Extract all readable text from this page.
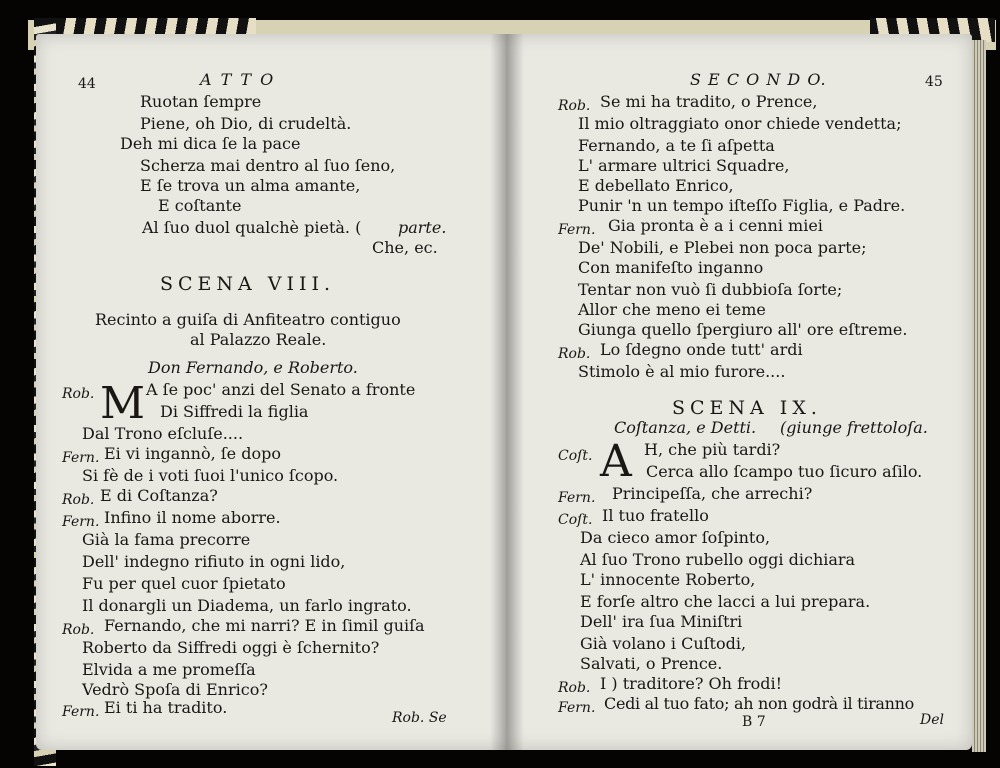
44	A T T O
Ruotan ſempre
Piene, oh Dio, di crudeltà.
Deh mi dica ſe la pace
Scherza mai dentro al ſuo ſeno,
E ſe trova un alma amante,
E coſtante
Al ſuo duol qualchè pietà. ( parte.
Che, ec.
SCENA VIII.
Recinto a guiſa di Anfiteatro contiguo
al Palazzo Reale.
Don Fernando, e Roberto.
M
Rob.	A ſe poc' anzi del Senato a fronte
Di Siffredi la figlia
Dal Trono eſcluſe....
Fern. Ei vi ingannò, ſe dopo
Si fè de i voti ſuoi l'unico ſcopo.
Rob. E di Coſtanza?
Fern. Infino il nome aborre.
Già la fama precorre
Dell' indegno rifiuto in ogni lido,
Fu per quel cuor ſpietato
Il donargli un Diadema, un farlo ingrato.
Rob. Fernando, che mi narri? E in ſimil guiſa
Roberto da Siffredi oggi è ſchernito?
Elvida a me promeſſa
Vedrò Spoſa di Enrico?
Fern. Ei ti ha tradito.
Rob. Se
S E C O N D O.	45
Rob. Se mi ha tradito, o Prence,
Il mio oltraggiato onor chiede vendetta;
Fernando, a te ſi aſpetta
L' armare ultrici Squadre,
E debellato Enrico,
Punir 'n un tempo iſteſſo Figlia, e Padre.
Fern. Gia pronta è a i cenni miei
De' Nobili, e Plebei non poca parte;
Con manifeſto inganno
Tentar non vuò ſi dubbioſa ſorte;
Allor che meno ei teme
Giunga quello ſpergiuro all' ore eſtreme.
Rob. Lo ſdegno onde tutt' ardi
Stimolo è al mio furore....
SCENA IX.
Coſtanza, e Detti. (giunge frettoloſa.
A
Coſt.	H, che più tardi?
Cerca allo ſcampo tuo ſicuro aſilo.
Fern. Principeſſa, che arrechi?
Coſt. Il tuo fratello
Da cieco amor ſoſpinto,
Al ſuo Trono rubello oggi dichiara
L' innocente Roberto,
E forſe altro che lacci a lui prepara.
Dell' ira ſua Miniſtri
Già volano i Cuſtodi,
Salvati, o Prence.
Rob. I ) traditore? Oh frodi!
Fern. Cedi al tuo fato; ah non godrà il tiranno
B 7	Del
